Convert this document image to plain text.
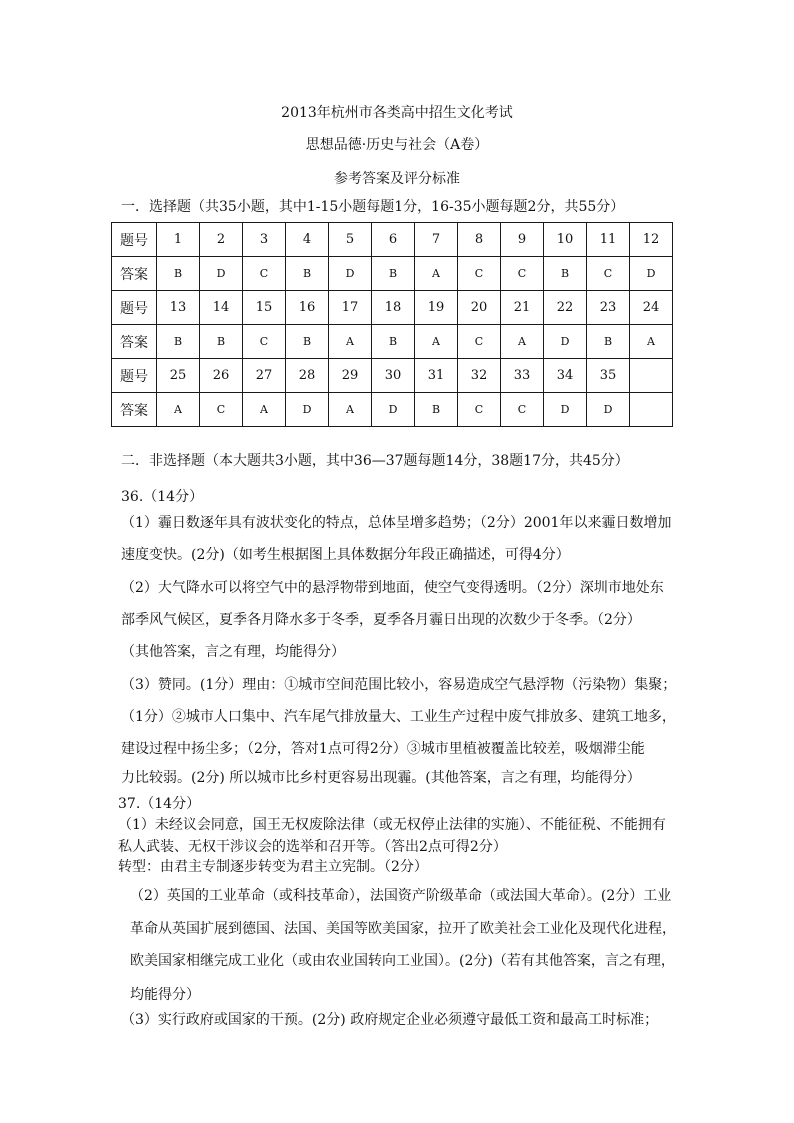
2013年杭州市各类高中招生文化考试
思想品德·历史与社会（A卷）
参考答案及评分标准
一．选择题（共35小题，其中1-15小题每题1分，16-35小题每题2分，共55分）
题号	1	2	3	4	5	6	7	8	9	10	11	12
答案	B	D	C	B	D	B	A	C	C	B	C	D
题号	13	14	15	16	17	18	19	20	21	22	23	24
答案	B	B	C	B	A	B	A	C	A	D	B	A
题号	25	26	27	28	29	30	31	32	33	34	35	
答案	A	C	A	D	A	D	B	C	C	D	D	
二．非选择题（本大题共3小题，其中36—37题每题14分，38题17分，共45分）
36.（14分）
（1）霾日数逐年具有波状变化的特点，总体呈增多趋势；（2分）2001年以来霾日数增加
速度变快。(2分)（如考生根据图上具体数据分年段正确描述，可得4分）
（2）大气降水可以将空气中的悬浮物带到地面，使空气变得透明。（2分）深圳市地处东
部季风气候区，夏季各月降水多于冬季，夏季各月霾日出现的次数少于冬季。（2分）
（其他答案，言之有理，均能得分）
（3）赞同。(1分）理由：①城市空间范围比较小，容易造成空气悬浮物（污染物）集聚；
（1分）②城市人口集中、汽车尾气排放量大、工业生产过程中废气排放多、建筑工地多，
建设过程中扬尘多；（2分，答对1点可得2分）③城市里植被覆盖比较差，吸烟滞尘能
力比较弱。(2分) 所以城市比乡村更容易出现霾。(其他答案，言之有理，均能得分）
37.（14分）
（1）未经议会同意，国王无权废除法律（或无权停止法律的实施）、不能征税、不能拥有
私人武装、无权干涉议会的选举和召开等。（答出2点可得2分）
转型：由君主专制逐步转变为君主立宪制。（2分）
（2）英国的工业革命（或科技革命），法国资产阶级革命（或法国大革命）。(2分）工业
革命从英国扩展到德国、法国、美国等欧美国家，拉开了欧美社会工业化及现代化进程，
欧美国家相继完成工业化（或由农业国转向工业国）。(2分)（若有其他答案，言之有理，
均能得分）
（3）实行政府或国家的干预。(2分) 政府规定企业必须遵守最低工资和最高工时标准；
